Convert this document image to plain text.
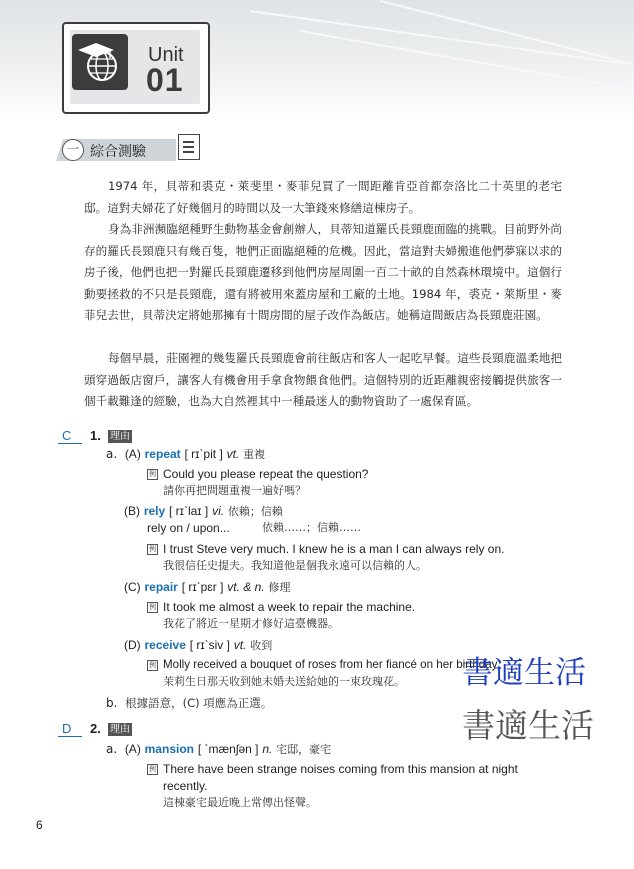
Unit
01
一 綜合測驗

1974 年，貝蒂和裘克・萊斐里・麥菲兒買了一間距離肯亞首都奈洛比二十英里的老宅邸。這對夫婦花了好幾個月的時間以及一大筆錢來修繕這棟房子。

身為非洲瀕臨絕種野生動物基金會創辦人，貝蒂知道羅氏長頸鹿面臨的挑戰。目前野外尚存的羅氏長頸鹿只有幾百隻，牠們正面臨絕種的危機。因此，當這對夫婦搬進他們夢寐以求的房子後，他們也把一對羅氏長頸鹿遷移到他們房屋周圍一百二十畝的自然森林環境中。這個行動要拯救的不只是長頸鹿，還有將被用來蓋房屋和工廠的土地。1984 年，裘克・萊斯里・麥菲兒去世，貝蒂決定將她那擁有十間房間的屋子改作為飯店。她稱這間飯店為長頸鹿莊園。

每個早晨，莊園裡的幾隻羅氏長頸鹿會前往飯店和客人一起吃早餐。這些長頸鹿溫柔地把頭穿過飯店窗戶，讓客人有機會用手拿食物餵食他們。這個特別的近距離親密接觸提供旅客一個千載難逢的經驗，也為大自然裡其中一種最迷人的動物資助了一處保育區。

C 1. 理由
a. (A) repeat [ rɪˋpit ] vt. 重複
例 Could you please repeat the question?
請你再把問題重複一遍好嗎？
(B) rely [ rɪˋlaɪ ] vi. 依賴；信賴
rely on / upon...	依賴……；信賴……
例 I trust Steve very much. I knew he is a man I can always rely on.
我很信任史提夫。我知道他是個我永遠可以信賴的人。
(C) repair [ rɪˋpɛr ] vt. & n. 修理
例 It took me almost a week to repair the machine.
我花了將近一星期才修好這臺機器。
(D) receive [ rɪˋsiv ] vt. 收到
例 Molly received a bouquet of roses from her fiancé on her birthday.
茉莉生日那天收到她未婚夫送給她的一束玫瑰花。
b. 根據語意，(C) 項應為正選。
D 2. 理由
a. (A) mansion [ ˋmænʃən ] n. 宅邸，豪宅
例 There have been strange noises coming from this mansion at night
recently.
這棟豪宅最近晚上常傳出怪聲。
書適生活
書適生活
6
